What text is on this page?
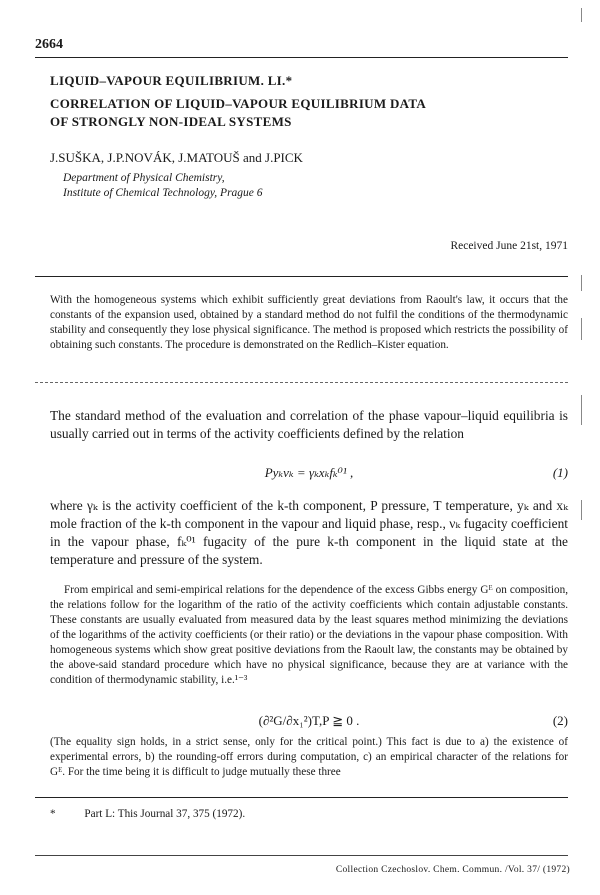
2664
LIQUID–VAPOUR EQUILIBRIUM. LI.*
CORRELATION OF LIQUID–VAPOUR EQUILIBRIUM DATA
OF STRONGLY NON-IDEAL SYSTEMS
J.SUŠKA, J.P.NOVÁK, J.MATOUŠ and J.PICK
Department of Physical Chemistry,
Institute of Chemical Technology, Prague 6
Received June 21st, 1971
With the homogeneous systems which exhibit sufficiently great deviations from Raoult's law, it occurs that the constants of the expansion used, obtained by a standard method do not fulfil the conditions of the thermodynamic stability and consequently they lose physical significance. The method is proposed which restricts the possibility of obtaining such constants. The procedure is demonstrated on the Redlich–Kister equation.
The standard method of the evaluation and correlation of the phase vapour–liquid equilibria is usually carried out in terms of the activity coefficients defined by the relation
Pyₖνₖ = γₖxₖfₖ⁰¹ ,	(1)
where γₖ is the activity coefficient of the k-th component, P pressure, T temperature, yₖ and xₖ mole fraction of the k-th component in the vapour and liquid phase, resp., νₖ fugacity coefficient in the vapour phase, fₖ⁰¹ fugacity of the pure k-th component in the liquid state at the temperature and pressure of the system.
From empirical and semi-empirical relations for the dependence of the excess Gibbs energy Gᴱ on composition, the relations follow for the logarithm of the ratio of the activity coefficients which contain adjustable constants. These constants are usually evaluated from measured data by the least squares method minimizing the deviations of the logarithms of the activity coefficients (or their ratio) or the deviations in the vapour phase composition. With homogeneous systems which show great positive deviations from the Raoult law, the constants may be obtained by the above-said standard procedure which have no physical significance, because they are at variance with the condition of thermodynamic stability, i.e.¹⁻³
(∂²G/∂x₁²)T,P ≧ 0 .	(2)
(The equality sign holds, in a strict sense, only for the critical point.) This fact is due to a) the existence of experimental errors, b) the rounding-off errors during computation, c) an empirical character of the relations for Gᴱ. For the time being it is difficult to judge mutually these three
*	Part L: This Journal 37, 375 (1972).
Collection Czechoslov. Chem. Commun. /Vol. 37/ (1972)
